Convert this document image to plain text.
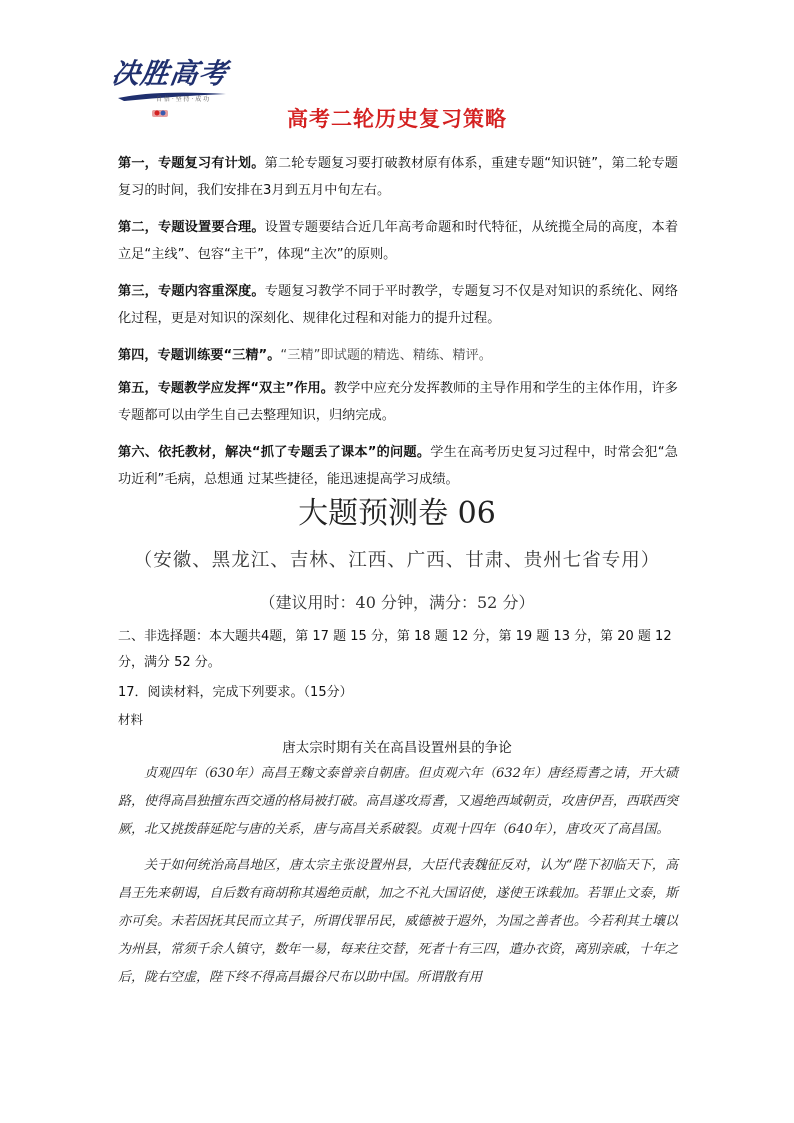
决胜高考
自 信 · 坚 持 · 成 功
高考二轮历史复习策略

第一，专题复习有计划。第二轮专题复习要打破教材原有体系，重建专题“知识链”，第二轮专题复习的时间，我们安排在3月到五月中旬左右。

第二，专题设置要合理。设置专题要结合近几年高考命题和时代特征，从统揽全局的高度，本着立足“主线”、包容“主干”，体现“主次”的原则。

第三，专题内容重深度。专题复习教学不同于平时教学，专题复习不仅是对知识的系统化、网络化过程，更是对知识的深刻化、规律化过程和对能力的提升过程。

第四，专题训练要“三精”。“三精”即试题的精选、精练、精评。

第五，专题教学应发挥“双主”作用。教学中应充分发挥教师的主导作用和学生的主体作用，许多专题都可以由学生自己去整理知识，归纳完成。

第六、依托教材，解决“抓了专题丢了课本”的问题。学生在高考历史复习过程中，时常会犯“急功近利”毛病，总想通 过某些捷径，能迅速提高学习成绩。

大题预测卷 06
（安徽、黑龙江、吉林、江西、广西、甘肃、贵州七省专用）
（建议用时：40 分钟，满分：52 分）

二、非选择题：本大题共4题，第 17 题 15 分，第 18 题 12 分，第 19 题 13 分，第 20 题 12 分，满分 52 分。

17．阅读材料，完成下列要求。（15分）
材料
唐太宗时期有关在高昌设置州县的争论

贞观四年（630年）高昌王麴文泰曾亲自朝唐。但贞观六年（632年）唐经焉耆之请，开大碛路，使得高昌独擅东西交通的格局被打破。高昌遂攻焉耆，又遏绝西域朝贡，攻唐伊吾，西联西突厥，北又挑拨薛延陀与唐的关系，唐与高昌关系破裂。贞观十四年（640年），唐攻灭了高昌国。

关于如何统治高昌地区，唐太宗主张设置州县，大臣代表魏征反对，认为“陛下初临天下，高昌王先来朝谒，自后数有商胡称其遏绝贡献，加之不礼大国诏使，遂使王诛载加。若罪止文泰，斯亦可矣。未若因抚其民而立其子，所谓伐罪吊民，威德被于遐外，为国之善者也。今若利其土壤以为州县，常须千余人镇守，数年一易，每来往交替，死者十有三四，遣办衣资，离别亲戚，十年之后，陇右空虚，陛下终不得高昌撮谷尺布以助中国。所谓散有用
